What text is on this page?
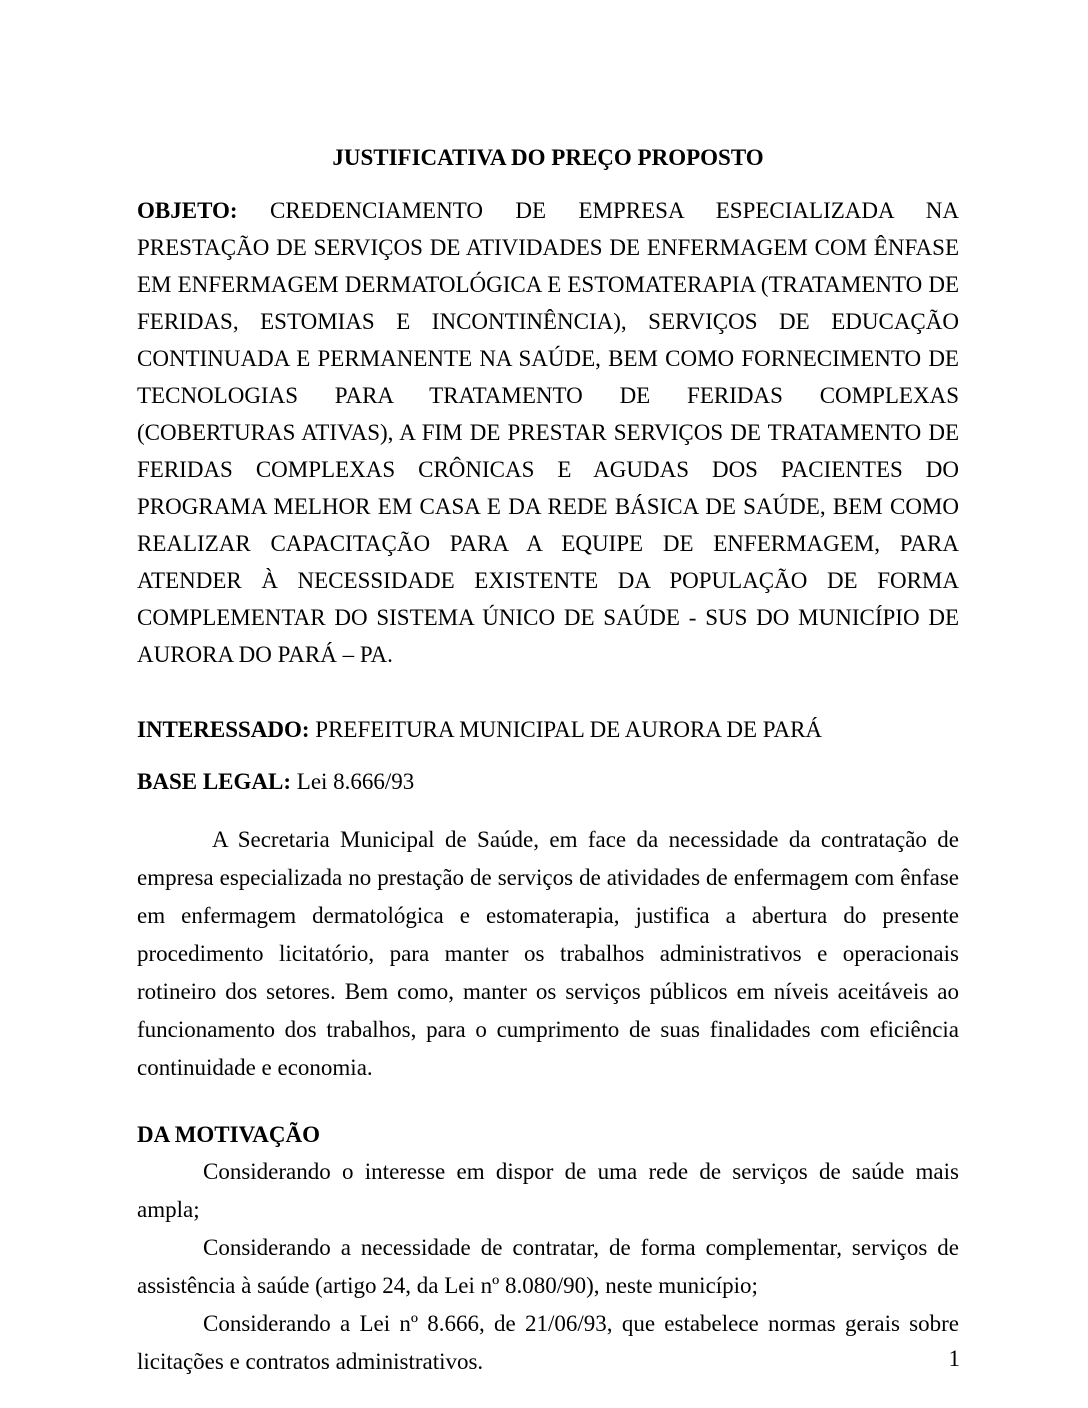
JUSTIFICATIVA DO PREÇO PROPOSTO

OBJETO: CREDENCIAMENTO DE EMPRESA ESPECIALIZADA NA PRESTAÇÃO DE SERVIÇOS DE ATIVIDADES DE ENFERMAGEM COM ÊNFASE EM ENFERMAGEM DERMATOLÓGICA E ESTOMATERAPIA (TRATAMENTO DE FERIDAS, ESTOMIAS E INCONTINÊNCIA), SERVIÇOS DE EDUCAÇÃO CONTINUADA E PERMANENTE NA SAÚDE, BEM COMO FORNECIMENTO DE TECNOLOGIAS PARA TRATAMENTO DE FERIDAS COMPLEXAS (COBERTURAS ATIVAS), A FIM DE PRESTAR SERVIÇOS DE TRATAMENTO DE FERIDAS COMPLEXAS CRÔNICAS E AGUDAS DOS PACIENTES DO PROGRAMA MELHOR EM CASA E DA REDE BÁSICA DE SAÚDE, BEM COMO REALIZAR CAPACITAÇÃO PARA A EQUIPE DE ENFERMAGEM, PARA ATENDER À NECESSIDADE EXISTENTE DA POPULAÇÃO DE FORMA COMPLEMENTAR DO SISTEMA ÚNICO DE SAÚDE - SUS DO MUNICÍPIO DE AURORA DO PARÁ – PA.

INTERESSADO: PREFEITURA MUNICIPAL DE AURORA DE PARÁ

BASE LEGAL: Lei 8.666/93

A Secretaria Municipal de Saúde, em face da necessidade da contratação de empresa especializada no prestação de serviços de atividades de enfermagem com ênfase em enfermagem dermatológica e estomaterapia, justifica a abertura do presente procedimento licitatório, para manter os trabalhos administrativos e operacionais rotineiro dos setores. Bem como, manter os serviços públicos em níveis aceitáveis ao funcionamento dos trabalhos, para o cumprimento de suas finalidades com eficiência continuidade e economia.

DA MOTIVAÇÃO

Considerando o interesse em dispor de uma rede de serviços de saúde mais ampla;

Considerando a necessidade de contratar, de forma complementar, serviços de assistência à saúde (artigo 24, da Lei nº 8.080/90), neste município;

Considerando a Lei nº 8.666, de 21/06/93, que estabelece normas gerais sobre licitações e contratos administrativos.	1
